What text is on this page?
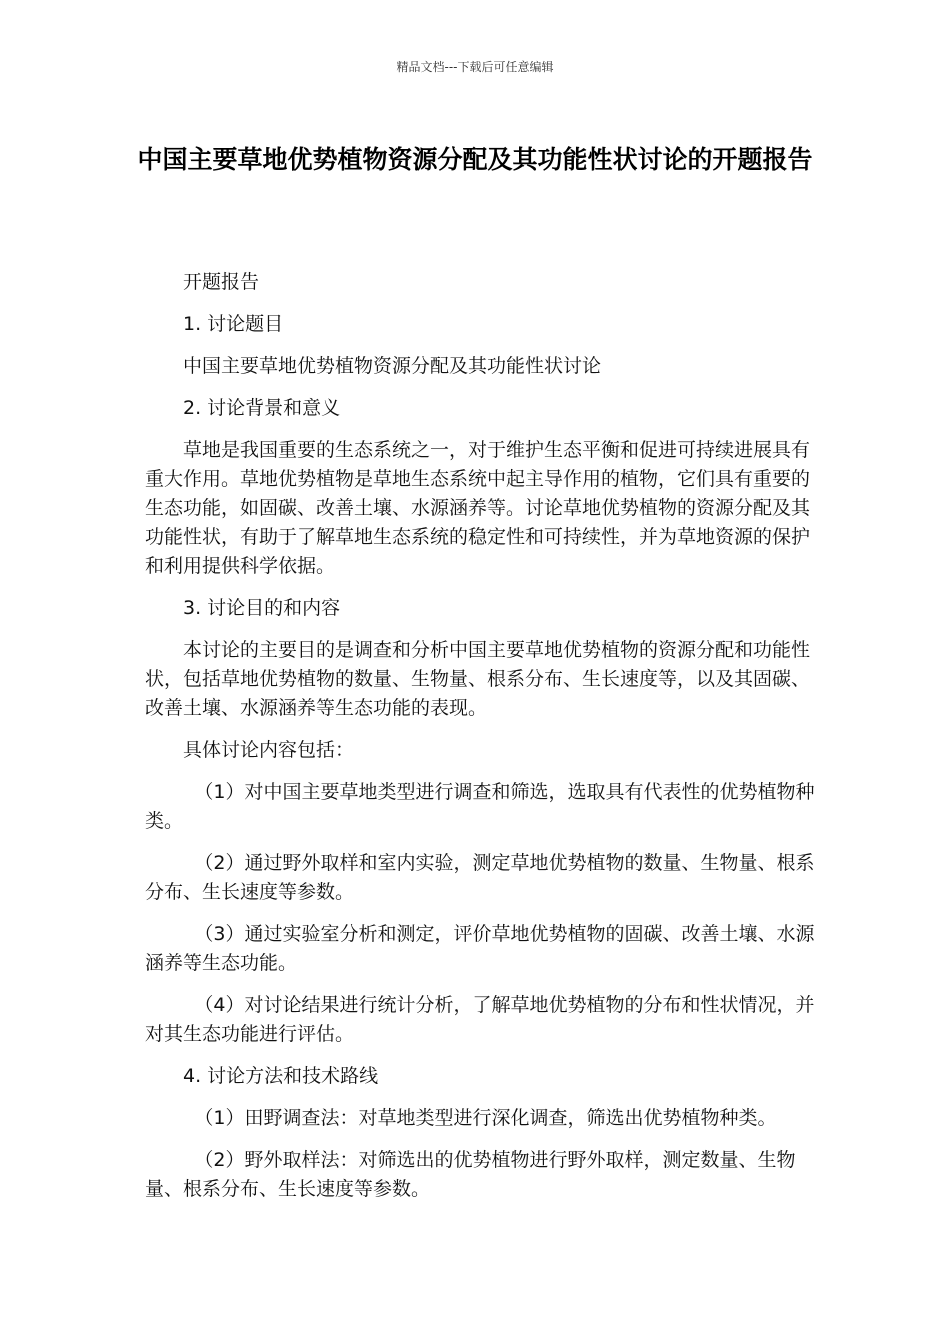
精品文档---下载后可任意编辑
中国主要草地优势植物资源分配及其功能性状讨论的开题报告

开题报告

1. 讨论题目

中国主要草地优势植物资源分配及其功能性状讨论

2. 讨论背景和意义

草地是我国重要的生态系统之一，对于维护生态平衡和促进可持续进展具有重大作用。草地优势植物是草地生态系统中起主导作用的植物，它们具有重要的生态功能，如固碳、改善土壤、水源涵养等。讨论草地优势植物的资源分配及其功能性状，有助于了解草地生态系统的稳定性和可持续性，并为草地资源的保护和利用提供科学依据。

3. 讨论目的和内容

本讨论的主要目的是调查和分析中国主要草地优势植物的资源分配和功能性状，包括草地优势植物的数量、生物量、根系分布、生长速度等，以及其固碳、改善土壤、水源涵养等生态功能的表现。

具体讨论内容包括：

（1）对中国主要草地类型进行调查和筛选，选取具有代表性的优势植物种类。

（2）通过野外取样和室内实验，测定草地优势植物的数量、生物量、根系分布、生长速度等参数。

（3）通过实验室分析和测定，评价草地优势植物的固碳、改善土壤、水源涵养等生态功能。

（4）对讨论结果进行统计分析，了解草地优势植物的分布和性状情况，并对其生态功能进行评估。

4. 讨论方法和技术路线

（1）田野调查法：对草地类型进行深化调查，筛选出优势植物种类。

（2）野外取样法：对筛选出的优势植物进行野外取样，测定数量、生物量、根系分布、生长速度等参数。
